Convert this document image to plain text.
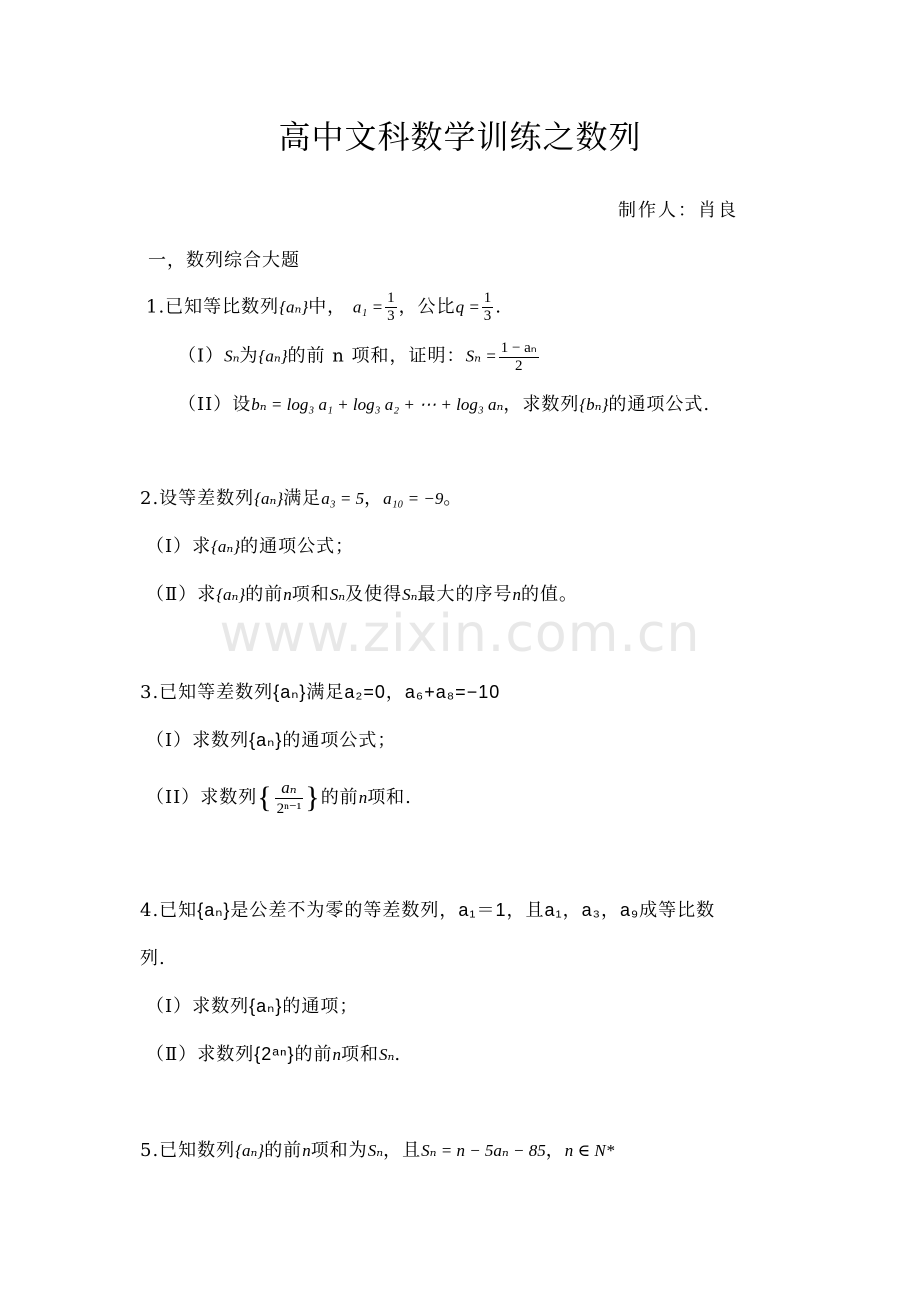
高中文科数学训练之数列
制作人：肖良
一，数列综合大题
1.已知等比数列{aₙ}中， $a_1 = \frac{1}{3}$ ，公比$q = \frac{1}{3}$ .
（I）Sₙ为{aₙ}的前 n 项和，证明：$S_n = \frac{\text{1 − aₙ}}{2}$
（II）设bₙ = log₃ a₁ + log₃ a₂ + ⋯ + log₃ aₙ，求数列{bₙ}的通项公式.
2.设等差数列{aₙ}满足a₃ = 5，a₁₀ = −9。
（Ⅰ）求{aₙ}的通项公式；
（Ⅱ）求{aₙ}的前n项和Sₙ及使得Sₙ最大的序号n的值。
www.zixin.com.cn
3.已知等差数列{aₙ}满足a₂=0，a₆+a₈=−10
（I）求数列{aₙ}的通项公式；
（II）求数列{ $\frac{\text{aₙ}}{\text{2ⁿ⁻¹}}$ }的前n项和.
4.已知{aₙ}是公差不为零的等差数列，a₁＝1，且a₁，a₃，a₉成等比数
列.
（Ⅰ）求数列{aₙ}的通项；
（Ⅱ）求数列{2ᵃⁿ}的前n项和Sₙ.
5.已知数列{aₙ}的前n项和为Sₙ，且Sₙ = n − 5aₙ − 85，n ∈ N*
